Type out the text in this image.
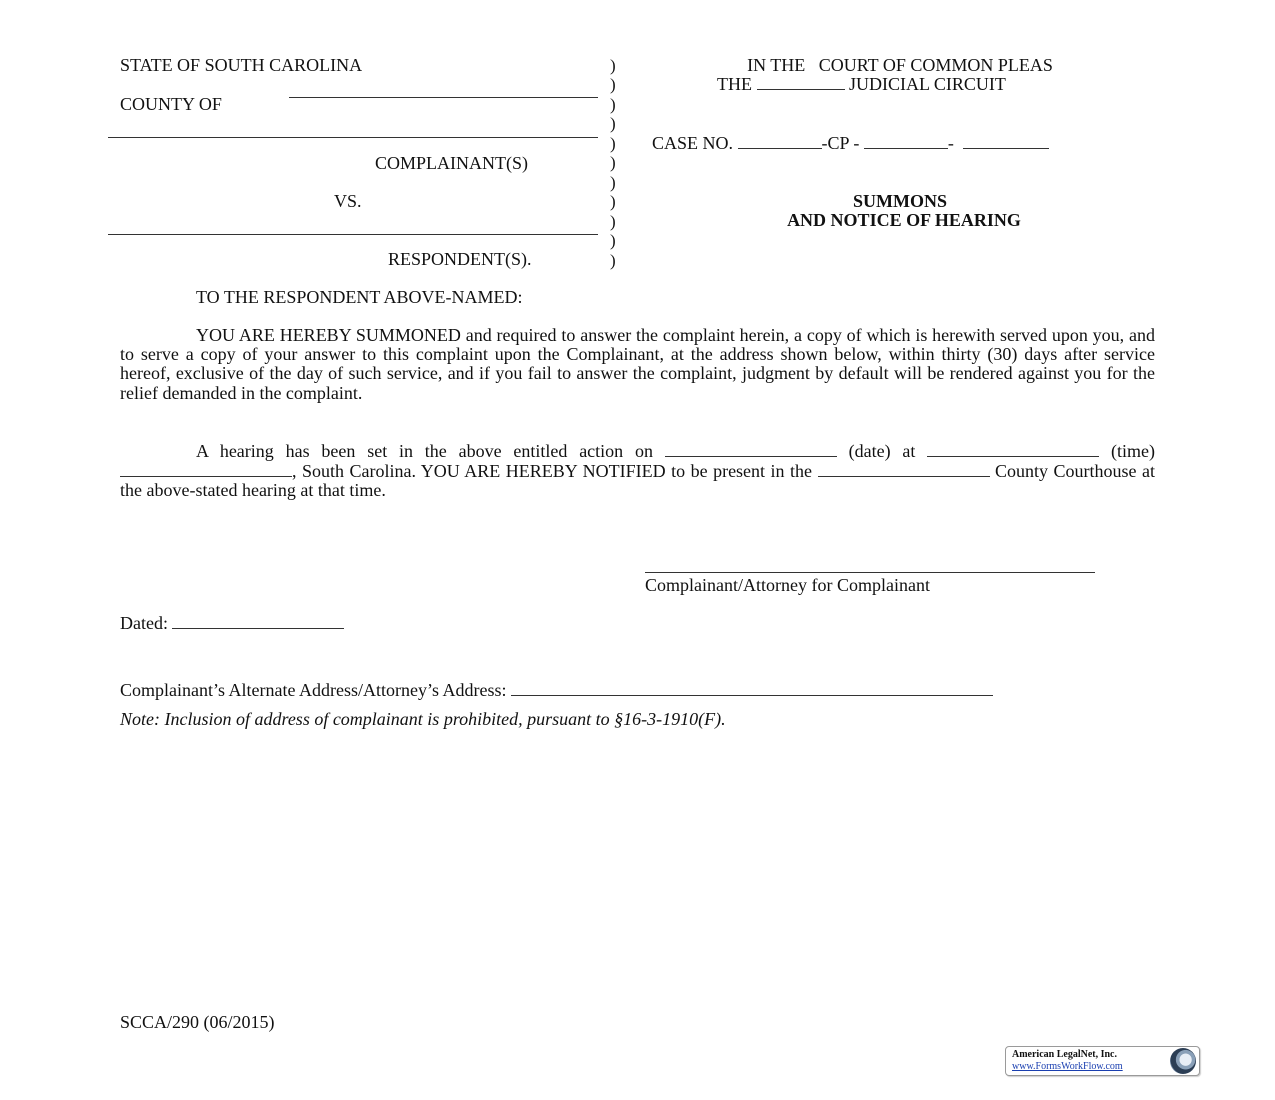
STATE OF SOUTH CAROLINA
COUNTY OF
COMPLAINANT(S)
VS.
RESPONDENT(S).
)
)
)
)
)
)
)
)
)
)
)
IN THE   COURT OF COMMON PLEAS
THE	JUDICIAL CIRCUIT
CASE NO.	-CP -	-
SUMMONS
AND NOTICE OF HEARING
TO THE RESPONDENT ABOVE-NAMED:
YOU ARE HEREBY SUMMONED and required to answer the complaint herein, a copy of which is herewith served upon you, and to serve a copy of your answer to this complaint upon the Complainant, at the address shown below, within thirty (30) days after service hereof, exclusive of the day of such service, and if you fail to answer the complaint, judgment by default will be rendered against you for the relief demanded in the complaint.
A hearing has been set in the above entitled action on	(date) at	(time) , South Carolina. YOU ARE HEREBY NOTIFIED to be present in the	County Courthouse at the above-stated hearing at that time.
Complainant/Attorney for Complainant
Dated:
Complainant’s Alternate Address/Attorney’s Address:
Note: Inclusion of address of complainant is prohibited, pursuant to §16-3-1910(F).
SCCA/290 (06/2015)
American LegalNet, Inc.
www.FormsWorkFlow.com
